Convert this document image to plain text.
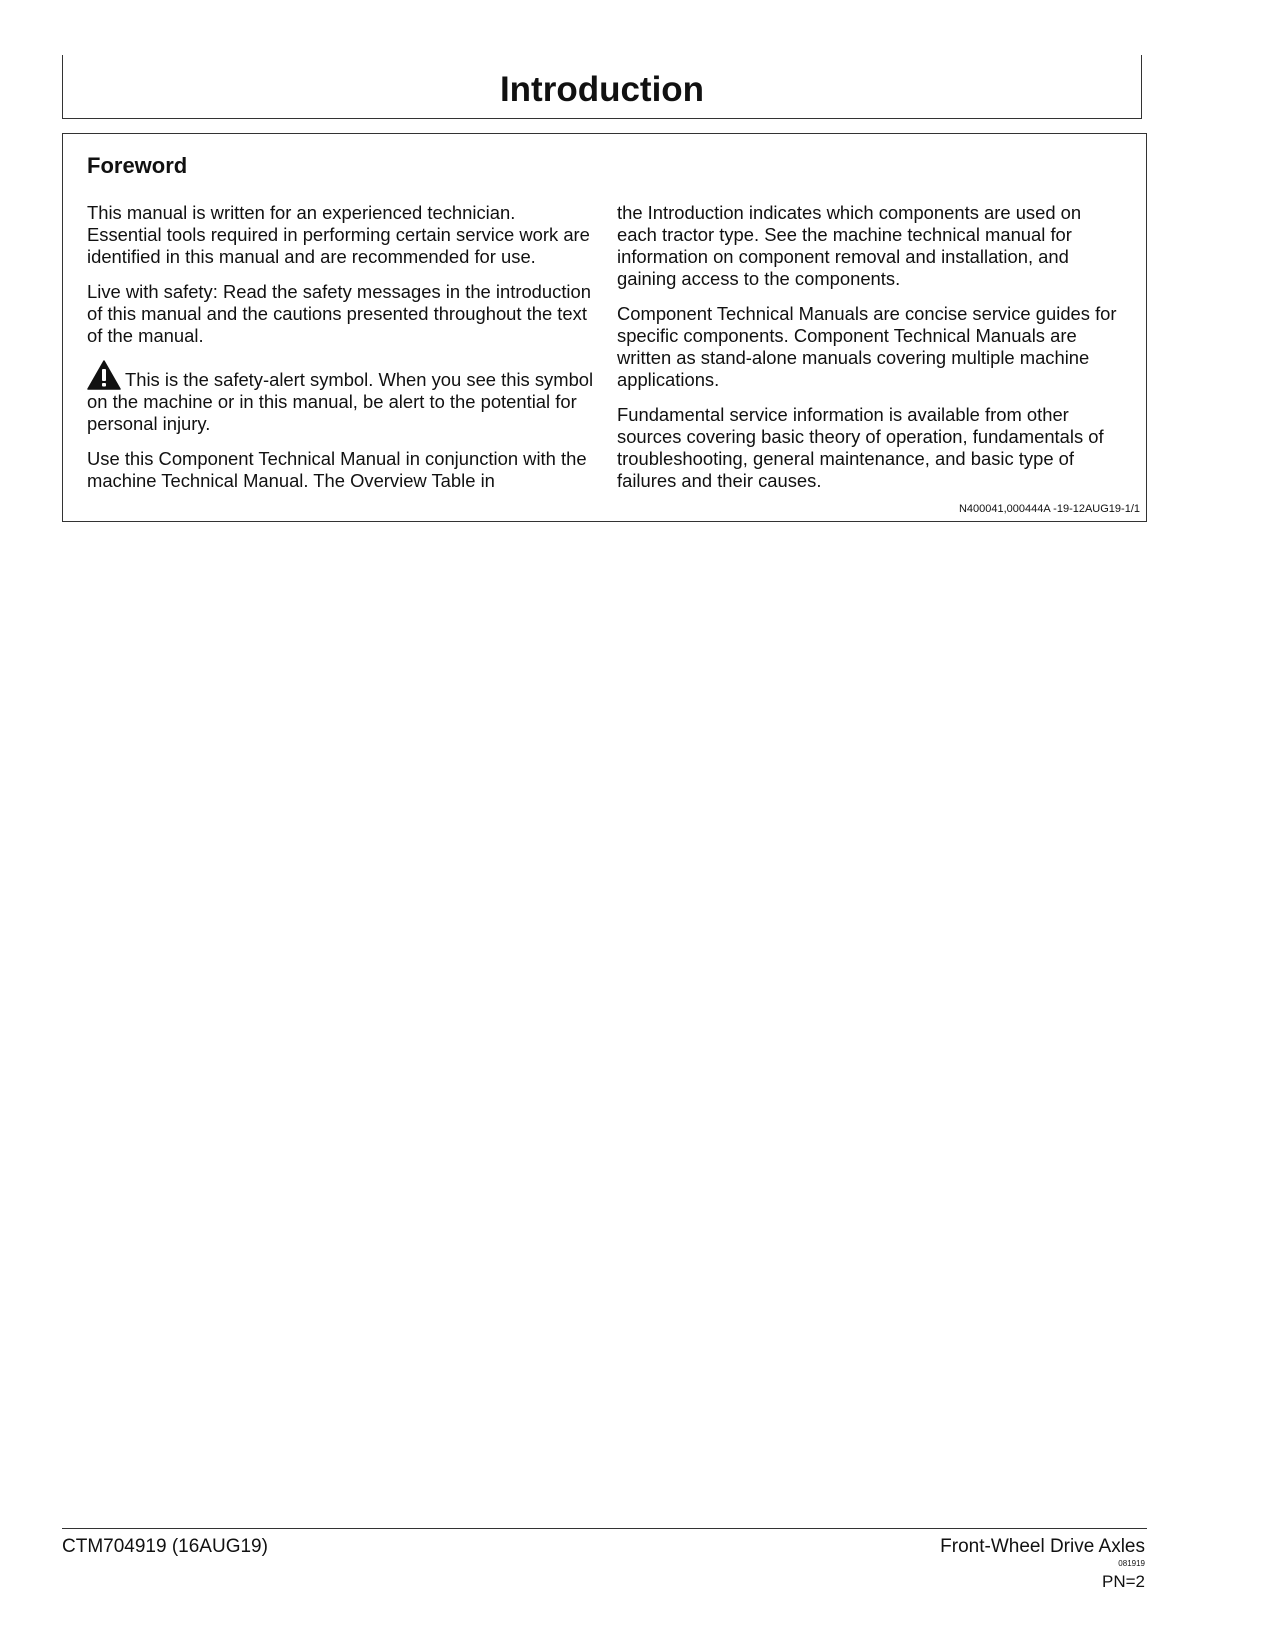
Introduction
Foreword

This manual is written for an experienced technician. Essential tools required in performing certain service work are identified in this manual and are recommended for use.

Live with safety: Read the safety messages in the introduction of this manual and the cautions presented throughout the text of the manual.

This is the safety-alert symbol. When you see this symbol on the machine or in this manual, be alert to the potential for personal injury.

Use this Component Technical Manual in conjunction with the machine Technical Manual. The Overview Table in

the Introduction indicates which components are used on each tractor type. See the machine technical manual for information on component removal and installation, and gaining access to the components.

Component Technical Manuals are concise service guides for specific components. Component Technical Manuals are written as stand-alone manuals covering multiple machine applications.

Fundamental service information is available from other sources covering basic theory of operation, fundamentals of troubleshooting, general maintenance, and basic type of failures and their causes.

N400041,000444A -19-12AUG19-1/1
CTM704919 (16AUG19)	Front-Wheel Drive Axles
081919
PN=2
